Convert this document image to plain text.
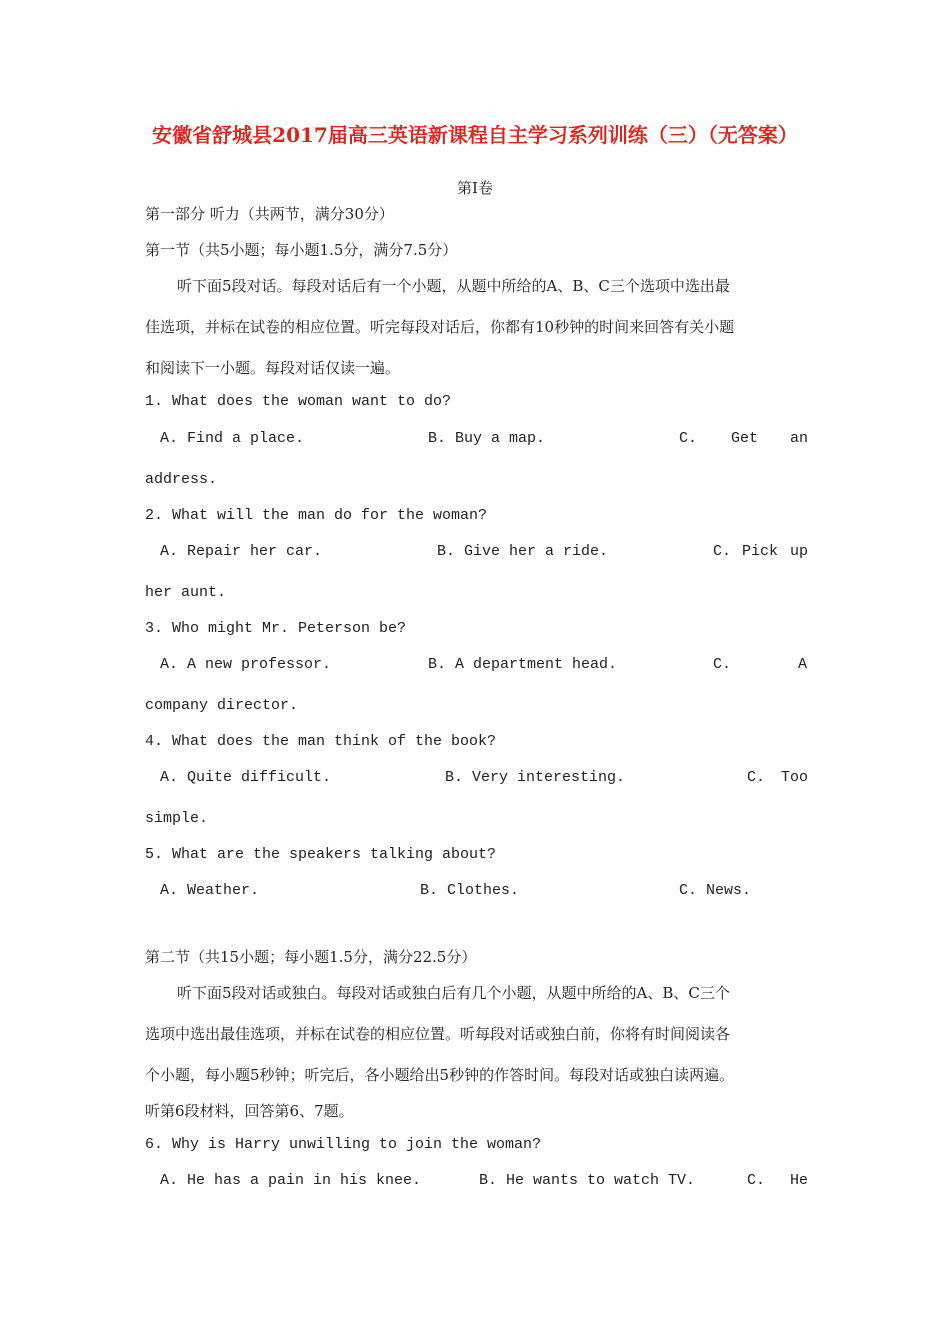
安徽省舒城县2017届高三英语新课程自主学习系列训练（三）（无答案）
第Ⅰ卷
第一部分 听力（共两节，满分30分）
第一节（共5小题；每小题1.5分，满分7.5分）
听下面5段对话。每段对话后有一个小题，从题中所给的A、B、C三个选项中选出最
佳选项，并标在试卷的相应位置。听完每段对话后，你都有10秒钟的时间来回答有关小题
和阅读下一小题。每段对话仅读一遍。
1. What does the woman want to do?
A. Find a place.	B. Buy a map.	C. Get an
address.
2. What will the man do for the woman?
A. Repair her car.	B. Give her a ride.	C. Pick up
her aunt.
3. Who might Mr. Peterson be?
A. A new professor.	B. A department head.	C.	A
company director.
4. What does the man think of the book?
A. Quite difficult.	B. Very interesting.	C. Too
simple.
5. What are the speakers talking about?
A. Weather.	B. Clothes.	C. News.
第二节（共15小题；每小题1.5分，满分22.5分）
听下面5段对话或独白。每段对话或独白后有几个小题，从题中所给的A、B、C三个
选项中选出最佳选项，并标在试卷的相应位置。听每段对话或独白前，你将有时间阅读各
个小题，每小题5秒钟；听完后，各小题给出5秒钟的作答时间。每段对话或独白读两遍。
听第6段材料，回答第6、7题。
6. Why is Harry unwilling to join the woman?
A. He has a pain in his knee.	B. He wants to watch TV.	C. He
